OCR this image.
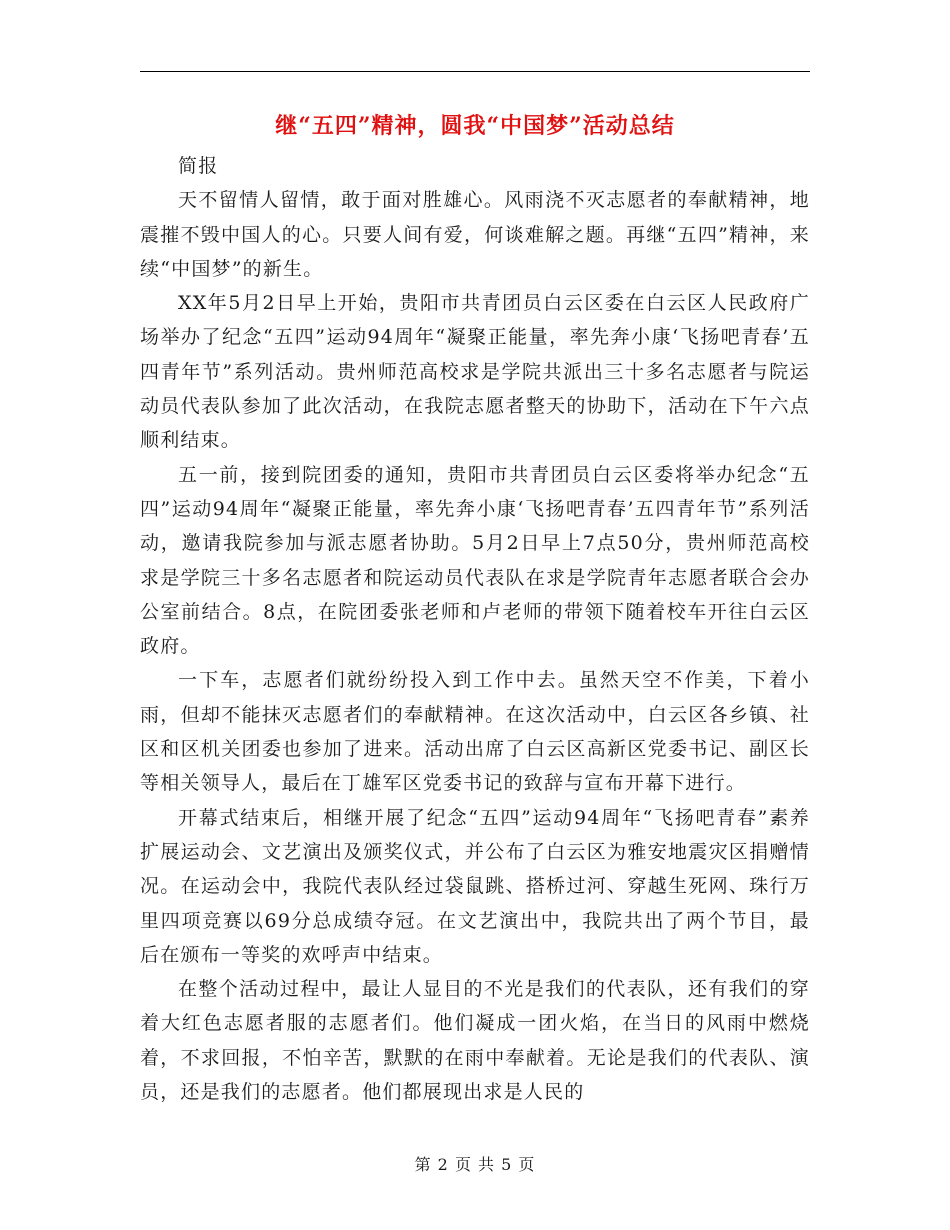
继“五四”精神，圆我“中国梦”活动总结

简报

天不留情人留情，敢于面对胜雄心。风雨浇不灭志愿者的奉献精神，地震摧不毁中国人的心。只要人间有爱，何谈难解之题。再继“五四”精神，来续“中国梦”的新生。

XX年5月2日早上开始，贵阳市共青团员白云区委在白云区人民政府广场举办了纪念“五四”运动94周年“凝聚正能量，率先奔小康‘飞扬吧青春’五四青年节”系列活动。贵州师范高校求是学院共派出三十多名志愿者与院运动员代表队参加了此次活动，在我院志愿者整天的协助下，活动在下午六点顺利结束。

五一前，接到院团委的通知，贵阳市共青团员白云区委将举办纪念“五四”运动94周年“凝聚正能量，率先奔小康‘飞扬吧青春’五四青年节”系列活动，邀请我院参加与派志愿者协助。5月2日早上7点50分，贵州师范高校求是学院三十多名志愿者和院运动员代表队在求是学院青年志愿者联合会办公室前结合。8点，在院团委张老师和卢老师的带领下随着校车开往白云区政府。

一下车，志愿者们就纷纷投入到工作中去。虽然天空不作美，下着小雨，但却不能抹灭志愿者们的奉献精神。在这次活动中，白云区各乡镇、社区和区机关团委也参加了进来。活动出席了白云区高新区党委书记、副区长等相关领导人，最后在丁雄军区党委书记的致辞与宣布开幕下进行。

开幕式结束后，相继开展了纪念“五四”运动94周年“飞扬吧青春”素养扩展运动会、文艺演出及颁奖仪式，并公布了白云区为雅安地震灾区捐赠情况。在运动会中，我院代表队经过袋鼠跳、搭桥过河、穿越生死网、珠行万里四项竞赛以69分总成绩夺冠。在文艺演出中，我院共出了两个节目，最后在颁布一等奖的欢呼声中结束。

在整个活动过程中，最让人显目的不光是我们的代表队，还有我们的穿着大红色志愿者服的志愿者们。他们凝成一团火焰，在当日的风雨中燃烧着，不求回报，不怕辛苦，默默的在雨中奉献着。无论是我们的代表队、演员，还是我们的志愿者。他们都展现出求是人民的

第 2 页 共 5 页
